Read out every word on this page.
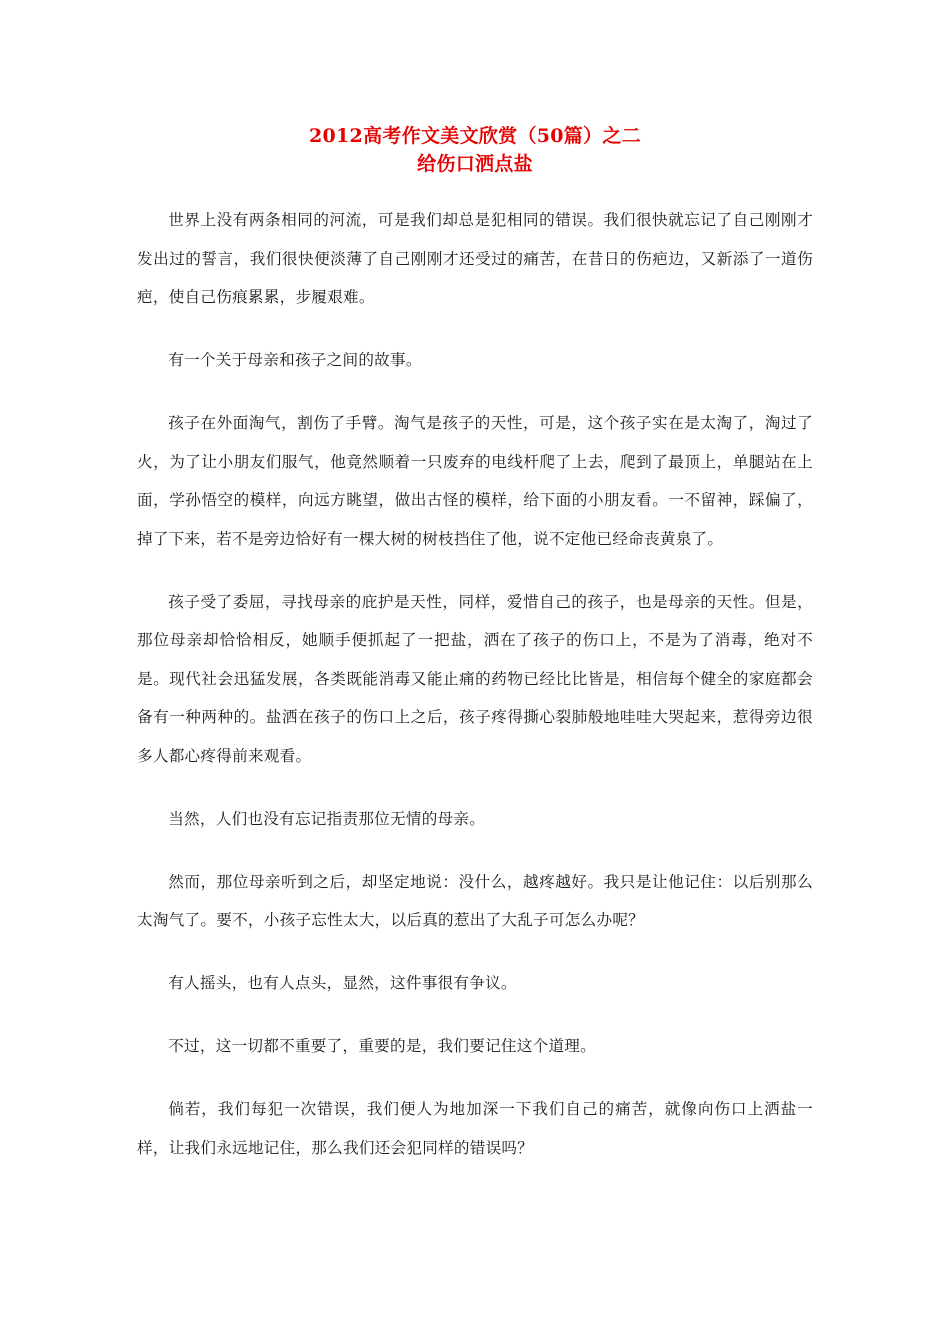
2012高考作文美文欣赏（50篇）之二
给伤口洒点盐

世界上没有两条相同的河流，可是我们却总是犯相同的错误。我们很快就忘记了自己刚刚才发出过的誓言，我们很快便淡薄了自己刚刚才还受过的痛苦，在昔日的伤疤边，又新添了一道伤疤，使自己伤痕累累，步履艰难。

有一个关于母亲和孩子之间的故事。

孩子在外面淘气，割伤了手臂。淘气是孩子的天性，可是，这个孩子实在是太淘了，淘过了火，为了让小朋友们服气，他竟然顺着一只废弃的电线杆爬了上去，爬到了最顶上，单腿站在上面，学孙悟空的模样，向远方眺望，做出古怪的模样，给下面的小朋友看。一不留神，踩偏了，掉了下来，若不是旁边恰好有一棵大树的树枝挡住了他，说不定他已经命丧黄泉了。

孩子受了委屈，寻找母亲的庇护是天性，同样，爱惜自己的孩子，也是母亲的天性。但是，那位母亲却恰恰相反，她顺手便抓起了一把盐，洒在了孩子的伤口上，不是为了消毒，绝对不是。现代社会迅猛发展，各类既能消毒又能止痛的药物已经比比皆是，相信每个健全的家庭都会备有一种两种的。盐洒在孩子的伤口上之后，孩子疼得撕心裂肺般地哇哇大哭起来，惹得旁边很多人都心疼得前来观看。

当然，人们也没有忘记指责那位无情的母亲。

然而，那位母亲听到之后，却坚定地说：没什么，越疼越好。我只是让他记住：以后别那么太淘气了。要不，小孩子忘性太大，以后真的惹出了大乱子可怎么办呢？

有人摇头，也有人点头，显然，这件事很有争议。

不过，这一切都不重要了，重要的是，我们要记住这个道理。

倘若，我们每犯一次错误，我们便人为地加深一下我们自己的痛苦，就像向伤口上洒盐一样，让我们永远地记住，那么我们还会犯同样的错误吗？
